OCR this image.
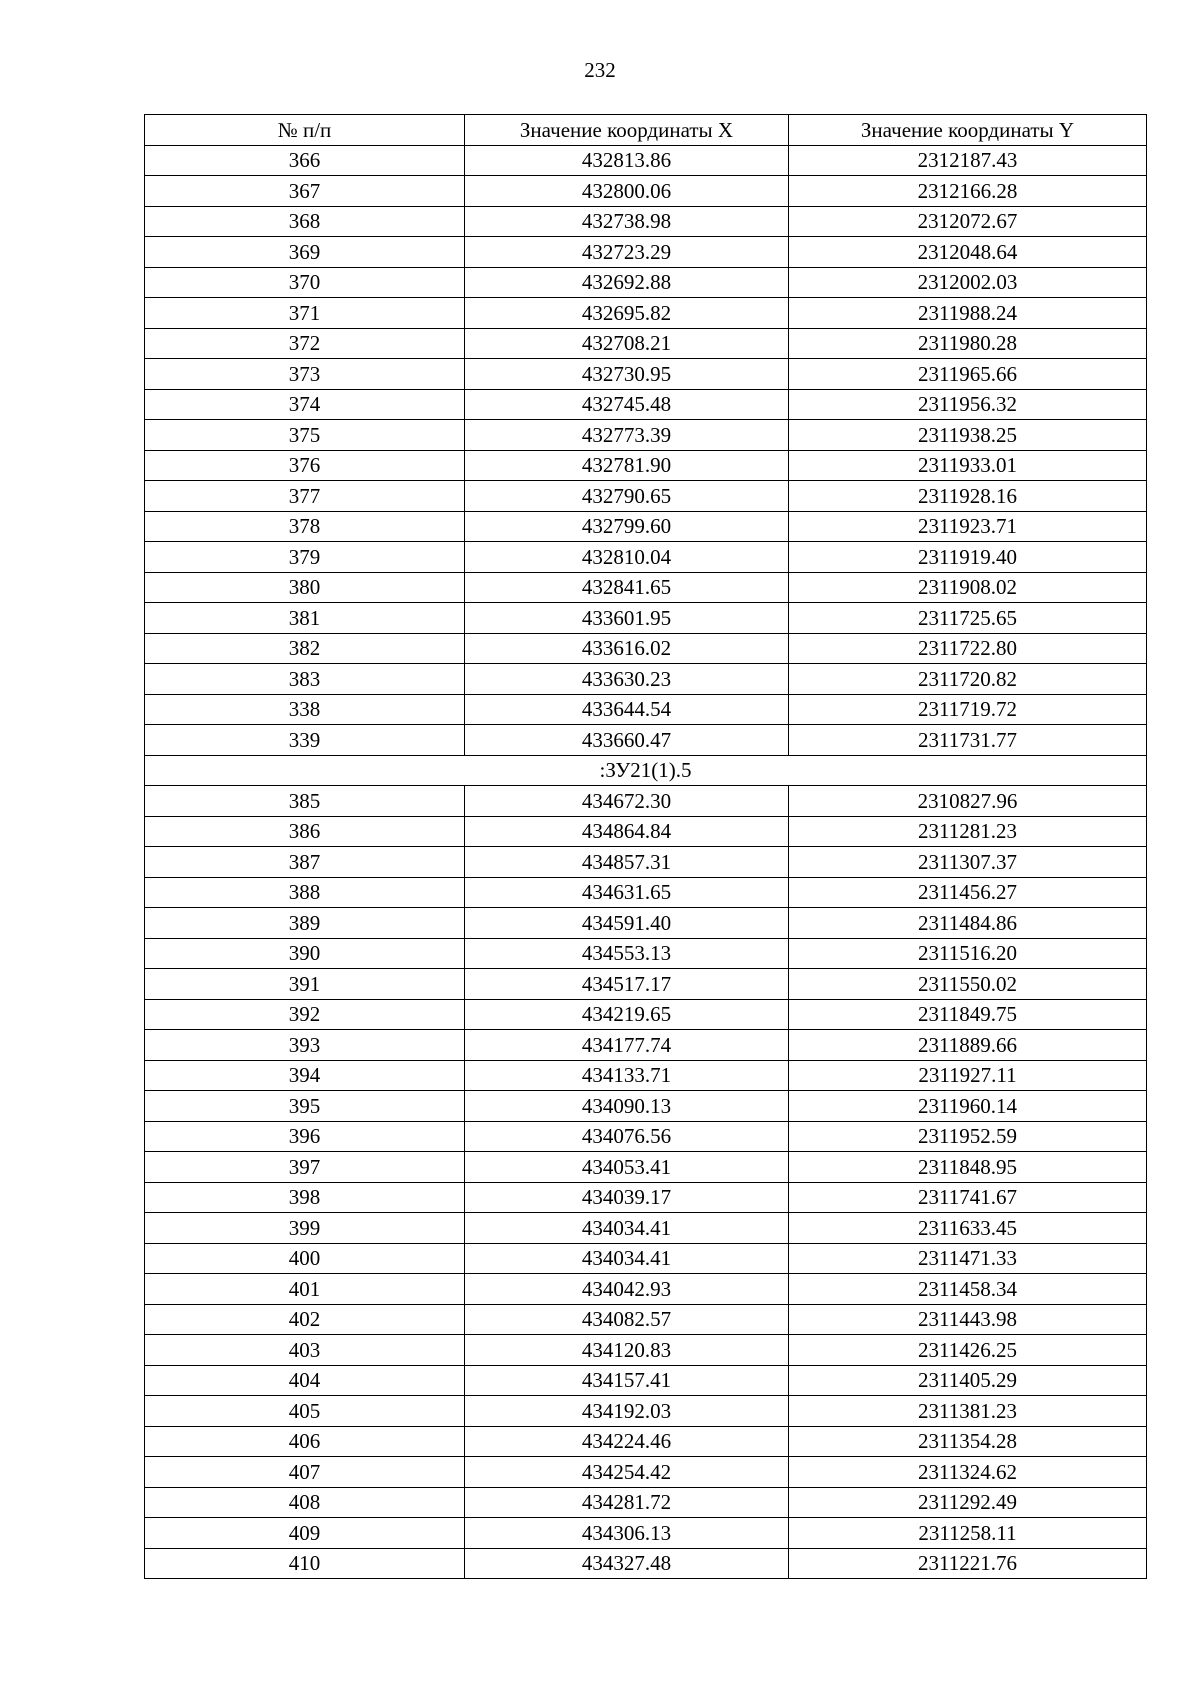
232
№ п/п	Значение координаты X	Значение координаты Y
366	432813.86	2312187.43
367	432800.06	2312166.28
368	432738.98	2312072.67
369	432723.29	2312048.64
370	432692.88	2312002.03
371	432695.82	2311988.24
372	432708.21	2311980.28
373	432730.95	2311965.66
374	432745.48	2311956.32
375	432773.39	2311938.25
376	432781.90	2311933.01
377	432790.65	2311928.16
378	432799.60	2311923.71
379	432810.04	2311919.40
380	432841.65	2311908.02
381	433601.95	2311725.65
382	433616.02	2311722.80
383	433630.23	2311720.82
338	433644.54	2311719.72
339	433660.47	2311731.77
:ЗУ21(1).5		
385	434672.30	2310827.96
386	434864.84	2311281.23
387	434857.31	2311307.37
388	434631.65	2311456.27
389	434591.40	2311484.86
390	434553.13	2311516.20
391	434517.17	2311550.02
392	434219.65	2311849.75
393	434177.74	2311889.66
394	434133.71	2311927.11
395	434090.13	2311960.14
396	434076.56	2311952.59
397	434053.41	2311848.95
398	434039.17	2311741.67
399	434034.41	2311633.45
400	434034.41	2311471.33
401	434042.93	2311458.34
402	434082.57	2311443.98
403	434120.83	2311426.25
404	434157.41	2311405.29
405	434192.03	2311381.23
406	434224.46	2311354.28
407	434254.42	2311324.62
408	434281.72	2311292.49
409	434306.13	2311258.11
410	434327.48	2311221.76
